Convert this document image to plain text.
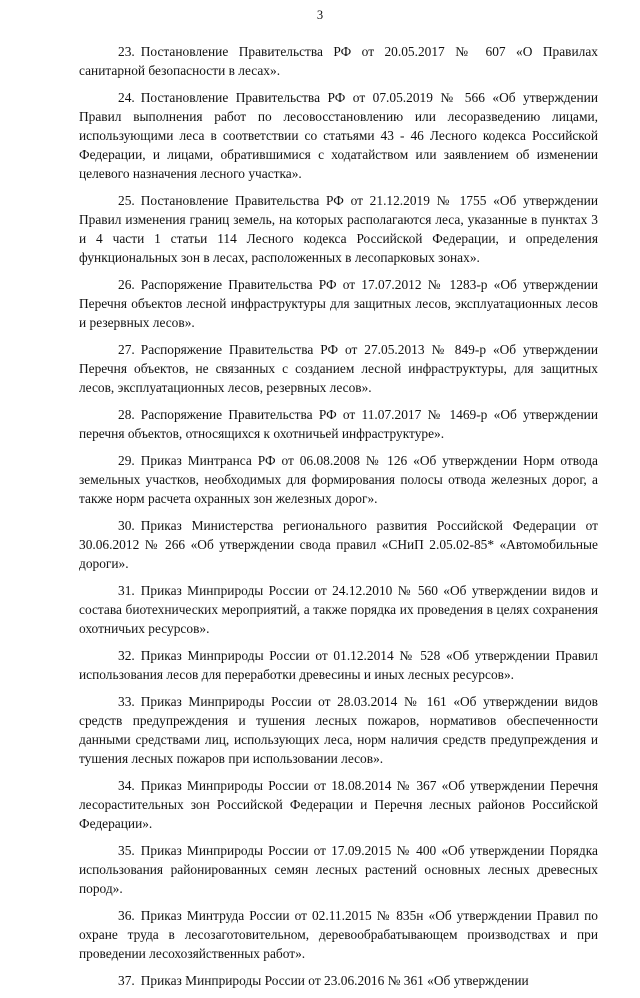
3

23. Постановление Правительства РФ от 20.05.2017 № 607 «О Правилах санитарной безопасности в лесах».

24. Постановление Правительства РФ от 07.05.2019 № 566 «Об утверждении Правил выполнения работ по лесовосстановлению или лесоразведению лицами, использующими леса в соответствии со статьями 43 - 46 Лесного кодекса Российской Федерации, и лицами, обратившимися с ходатайством или заявлением об изменении целевого назначения лесного участка».

25. Постановление Правительства РФ от 21.12.2019 № 1755 «Об утверждении Правил изменения границ земель, на которых располагаются леса, указанные в пунктах 3 и 4 части 1 статьи 114 Лесного кодекса Российской Федерации, и определения функциональных зон в лесах, расположенных в лесопарковых зонах».

26. Распоряжение Правительства РФ от 17.07.2012 № 1283-р «Об утверждении Перечня объектов лесной инфраструктуры для защитных лесов, эксплуатационных лесов и резервных лесов».

27. Распоряжение Правительства РФ от 27.05.2013 № 849-р «Об утверждении Перечня объектов, не связанных с созданием лесной инфраструктуры, для защитных лесов, эксплуатационных лесов, резервных лесов».

28. Распоряжение Правительства РФ от 11.07.2017 № 1469-р «Об утверждении перечня объектов, относящихся к охотничьей инфраструктуре».

29. Приказ Минтранса РФ от 06.08.2008 № 126 «Об утверждении Норм отвода земельных участков, необходимых для формирования полосы отвода железных дорог, а также норм расчета охранных зон железных дорог».

30. Приказ Министерства регионального развития Российской Федерации от 30.06.2012 № 266 «Об утверждении свода правил «СНиП 2.05.02-85* «Автомобильные дороги».

31. Приказ Минприроды России от 24.12.2010 № 560 «Об утверждении видов и состава биотехнических мероприятий, а также порядка их проведения в целях сохранения охотничьих ресурсов».

32. Приказ Минприроды России от 01.12.2014 № 528 «Об утверждении Правил использования лесов для переработки древесины и иных лесных ресурсов».

33. Приказ Минприроды России от 28.03.2014 № 161 «Об утверждении видов средств предупреждения и тушения лесных пожаров, нормативов обеспеченности данными средствами лиц, использующих леса, норм наличия средств предупреждения и тушения лесных пожаров при использовании лесов».

34. Приказ Минприроды России от 18.08.2014 № 367 «Об утверждении Перечня лесорастительных зон Российской Федерации и Перечня лесных районов Российской Федерации».

35. Приказ Минприроды России от 17.09.2015 № 400 «Об утверждении Порядка использования районированных семян лесных растений основных лесных древесных пород».

36. Приказ Минтруда России от 02.11.2015 № 835н «Об утверждении Правил по охране труда в лесозаготовительном, деревообрабатывающем производствах и при проведении лесохозяйственных работ».

37. Приказ Минприроды России от 23.06.2016 № 361 «Об утверждении
